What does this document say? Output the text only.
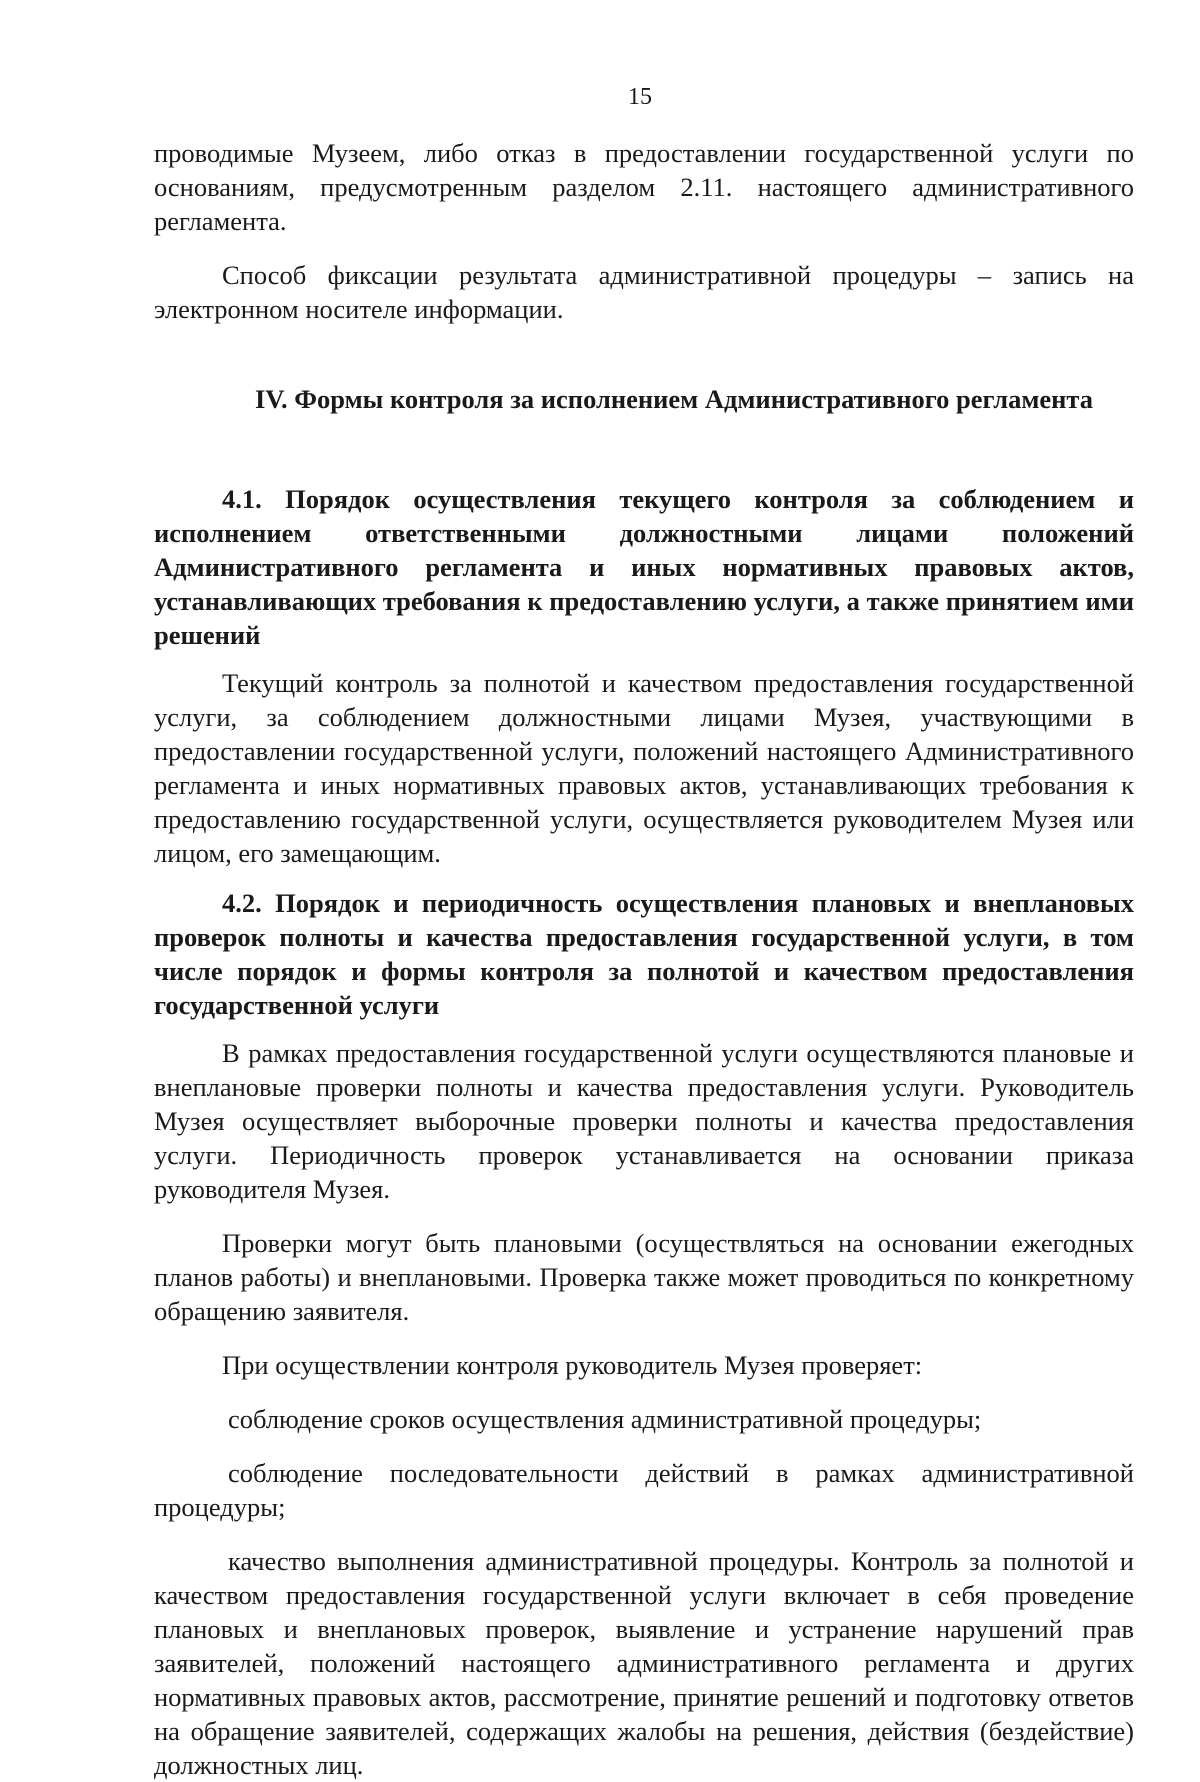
15

проводимые Музеем, либо отказ в предоставлении государственной услуги по основаниям, предусмотренным разделом 2.11. настоящего административного регламента.

Способ фиксации результата административной процедуры – запись на электронном носителе информации.

IV. Формы контроля за исполнением Административного регламента

4.1. Порядок осуществления текущего контроля за соблюдением и исполнением ответственными должностными лицами положений Административного регламента и иных нормативных правовых актов, устанавливающих требования к предоставлению услуги, а также принятием ими решений

Текущий контроль за полнотой и качеством предоставления государственной услуги, за соблюдением должностными лицами Музея, участвующими в предоставлении государственной услуги, положений настоящего Административного регламента и иных нормативных правовых актов, устанавливающих требования к предоставлению государственной услуги, осуществляется руководителем Музея или лицом, его замещающим.

4.2. Порядок и периодичность осуществления плановых и внеплановых проверок полноты и качества предоставления государственной услуги, в том числе порядок и формы контроля за полнотой и качеством предоставления государственной услуги

В рамках предоставления государственной услуги осуществляются плановые и внеплановые проверки полноты и качества предоставления услуги. Руководитель Музея осуществляет выборочные проверки полноты и качества предоставления услуги. Периодичность проверок устанавливается на основании приказа руководителя Музея.

Проверки могут быть плановыми (осуществляться на основании ежегодных планов работы) и внеплановыми. Проверка также может проводиться по конкретному обращению заявителя.

При осуществлении контроля руководитель Музея проверяет:

соблюдение сроков осуществления административной процедуры;

соблюдение последовательности действий в рамках административной процедуры;

качество выполнения административной процедуры. Контроль за полнотой и качеством предоставления государственной услуги включает в себя проведение плановых и внеплановых проверок, выявление и устранение нарушений прав заявителей, положений настоящего административного регламента и других нормативных правовых актов, рассмотрение, принятие решений и подготовку ответов на обращение заявителей, содержащих жалобы на решения, действия (бездействие) должностных лиц.
